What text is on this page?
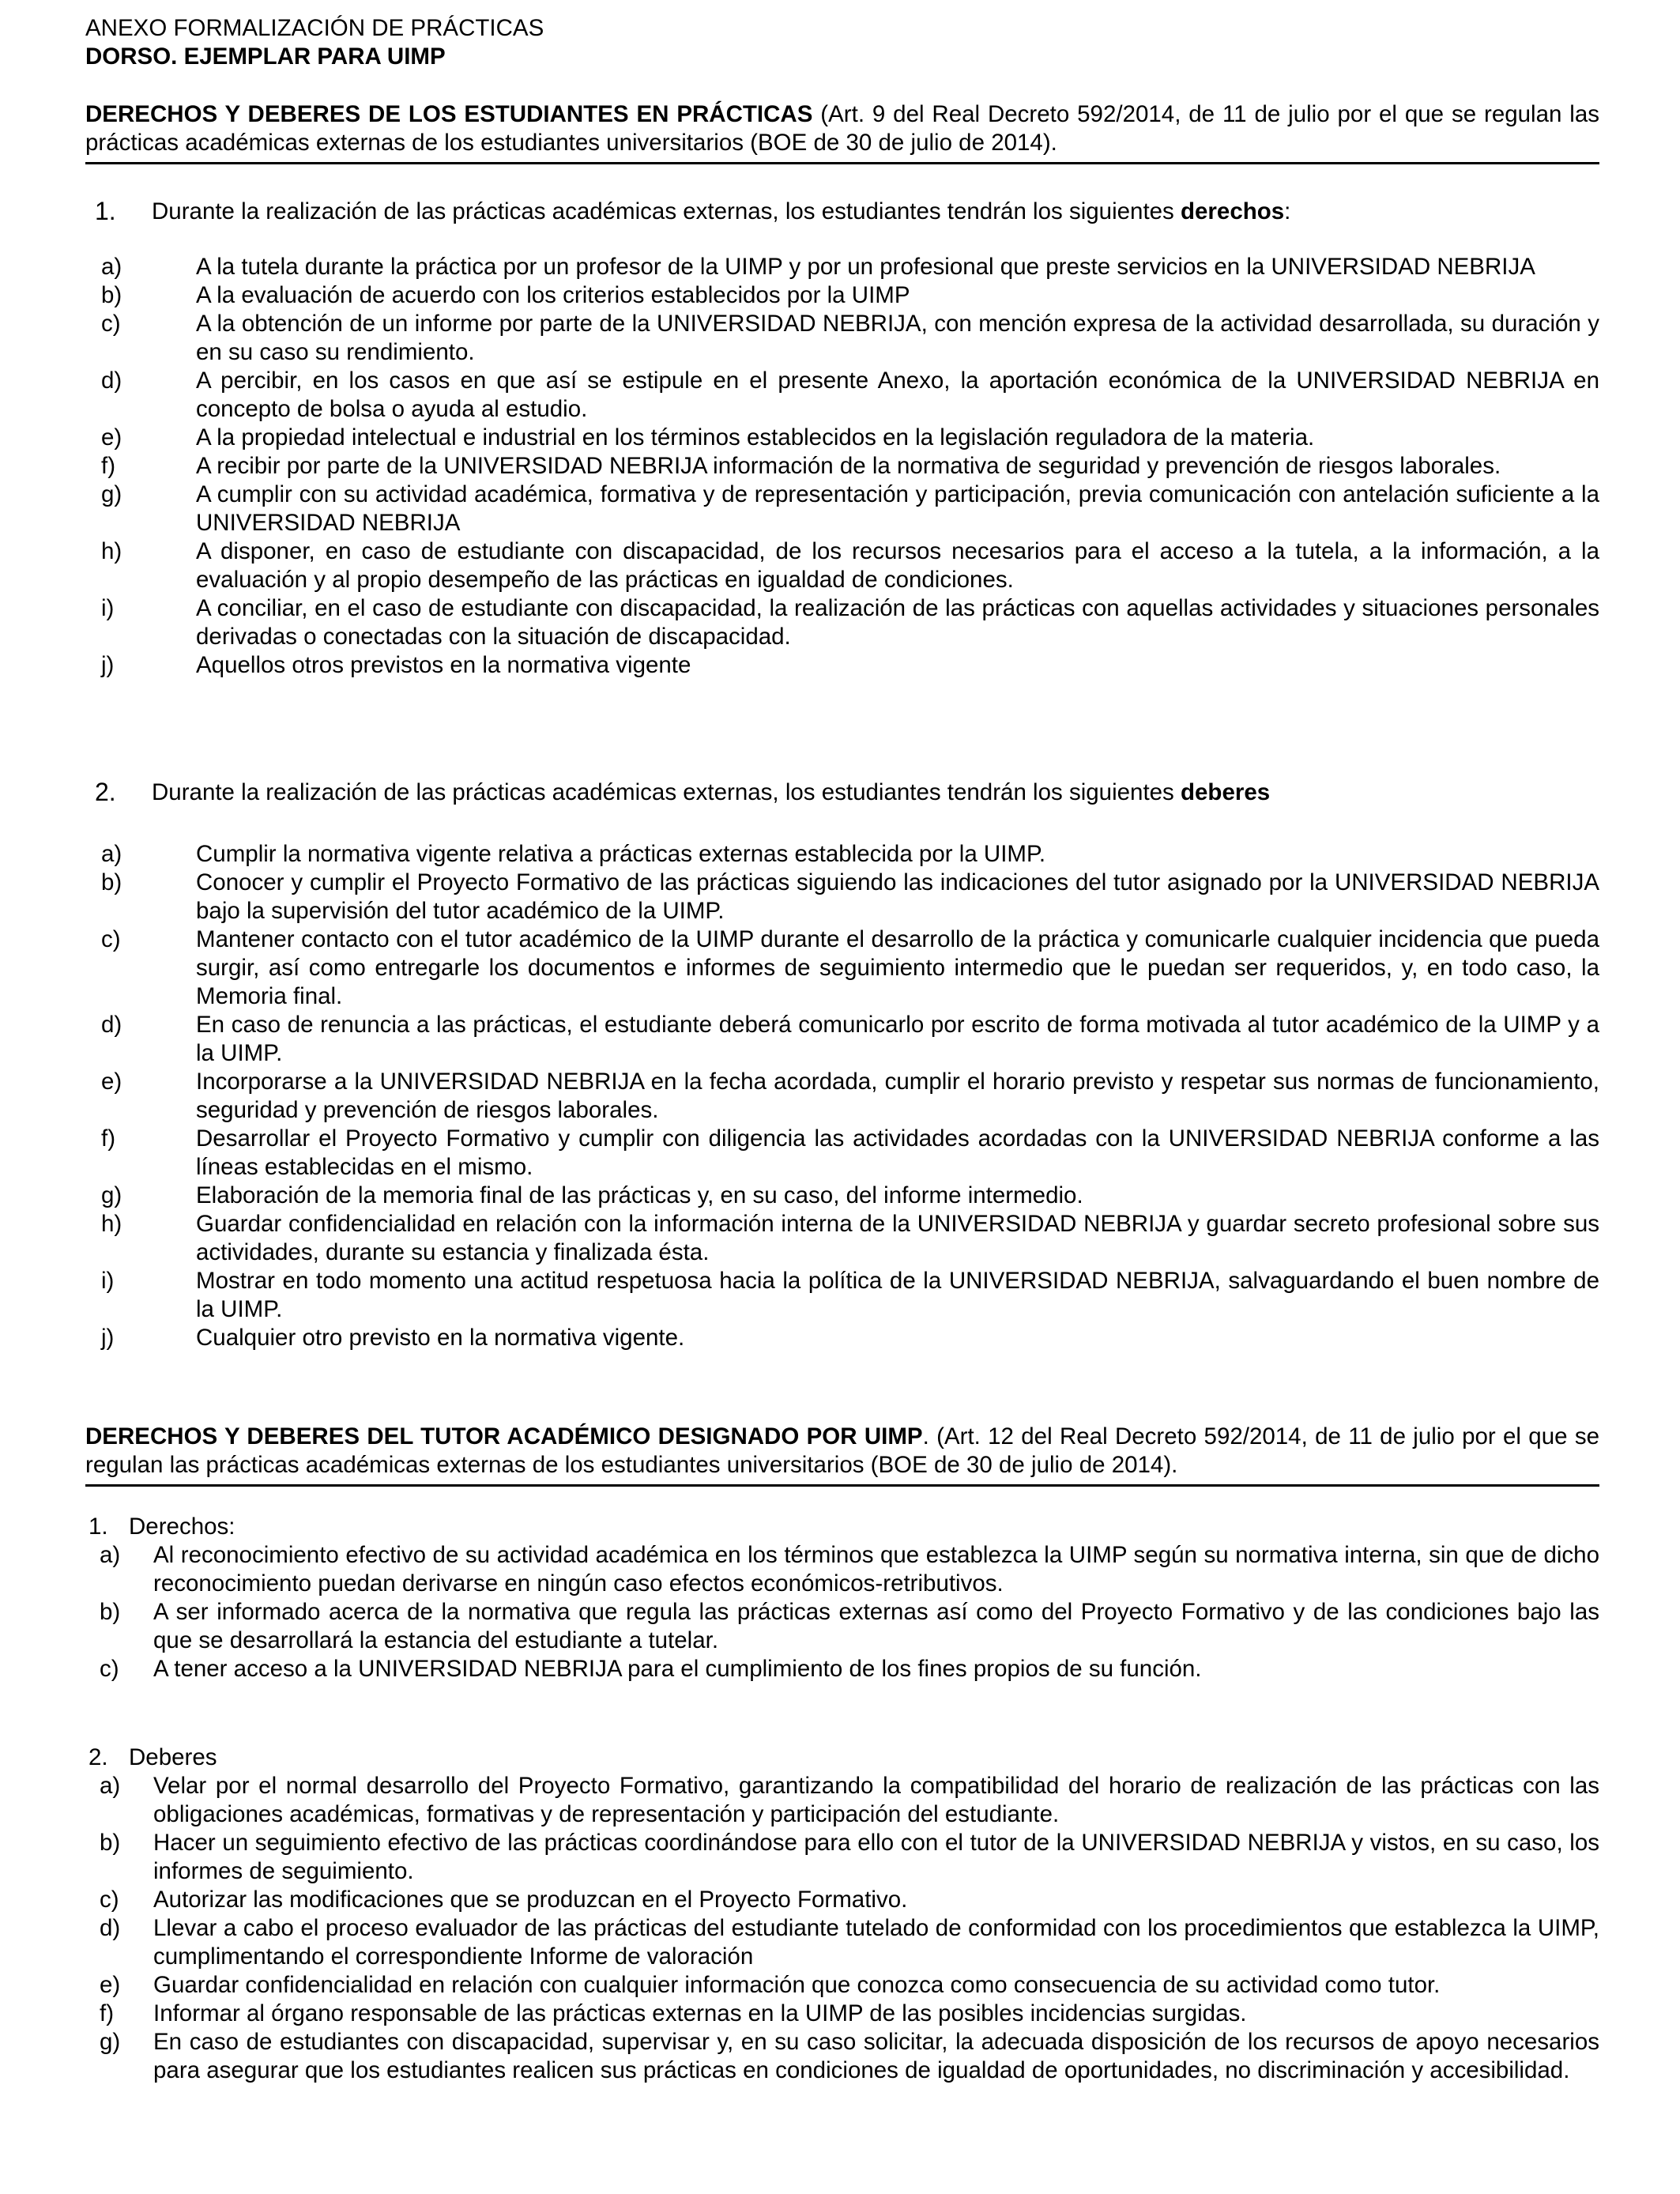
ANEXO FORMALIZACIÓN DE PRÁCTICAS
DORSO. EJEMPLAR PARA UIMP
DERECHOS Y DEBERES DE LOS ESTUDIANTES EN PRÁCTICAS (Art. 9 del Real Decreto 592/2014, de 11 de julio por el que se regulan las prácticas académicas externas de los estudiantes universitarios (BOE de 30 de julio de 2014).
1. Durante la realización de las prácticas académicas externas, los estudiantes tendrán los siguientes derechos:
a)	A la tutela durante la práctica por un profesor de la UIMP y por un profesional que preste servicios en la UNIVERSIDAD NEBRIJA
b)	A la evaluación de acuerdo con los criterios establecidos por la UIMP
c)	A la obtención de un informe por parte de la UNIVERSIDAD NEBRIJA, con mención expresa de la actividad desarrollada, su duración y en su caso su rendimiento.
d)	A percibir, en los casos en que así se estipule en el presente Anexo, la aportación económica de la UNIVERSIDAD NEBRIJA en concepto de bolsa o ayuda al estudio.
e)	A la propiedad intelectual e industrial en los términos establecidos en la legislación reguladora de la materia.
f)	A recibir por parte de la UNIVERSIDAD NEBRIJA información de la normativa de seguridad y prevención de riesgos laborales.
g)	A cumplir con su actividad académica, formativa y de representación y participación, previa comunicación con antelación suficiente a la UNIVERSIDAD NEBRIJA
h)	A disponer, en caso de estudiante con discapacidad, de los recursos necesarios para el acceso a la tutela, a la información, a la evaluación y al propio desempeño de las prácticas en igualdad de condiciones.
i)	A conciliar, en el caso de estudiante con discapacidad, la realización de las prácticas con aquellas actividades y situaciones personales derivadas o conectadas con la situación de discapacidad.
j)	Aquellos otros previstos en la normativa vigente
2. Durante la realización de las prácticas académicas externas, los estudiantes tendrán los siguientes deberes
a)	Cumplir la normativa vigente relativa a prácticas externas establecida por la UIMP.
b)	Conocer y cumplir el Proyecto Formativo de las prácticas siguiendo las indicaciones del tutor asignado por la UNIVERSIDAD NEBRIJA bajo la supervisión del tutor académico de la UIMP.
c)	Mantener contacto con el tutor académico de la UIMP durante el desarrollo de la práctica y comunicarle cualquier incidencia que pueda surgir, así como entregarle los documentos e informes de seguimiento intermedio que le puedan ser requeridos, y, en todo caso, la Memoria final.
d)	En caso de renuncia a las prácticas, el estudiante deberá comunicarlo por escrito de forma motivada al tutor académico de la UIMP y a la UIMP.
e)	Incorporarse a la UNIVERSIDAD NEBRIJA en la fecha acordada, cumplir el horario previsto y respetar sus normas de funcionamiento, seguridad y prevención de riesgos laborales.
f)	Desarrollar el Proyecto Formativo y cumplir con diligencia las actividades acordadas con la UNIVERSIDAD NEBRIJA conforme a las líneas establecidas en el mismo.
g)	Elaboración de la memoria final de las prácticas y, en su caso, del informe intermedio.
h)	Guardar confidencialidad en relación con la información interna de la UNIVERSIDAD NEBRIJA y guardar secreto profesional sobre sus actividades, durante su estancia y finalizada ésta.
i)	Mostrar en todo momento una actitud respetuosa hacia la política de la UNIVERSIDAD NEBRIJA, salvaguardando el buen nombre de la UIMP.
j)	Cualquier otro previsto en la normativa vigente.
DERECHOS Y DEBERES DEL TUTOR ACADÉMICO DESIGNADO POR UIMP. (Art. 12 del Real Decreto 592/2014, de 11 de julio por el que se regulan las prácticas académicas externas de los estudiantes universitarios (BOE de 30 de julio de 2014).
1. Derechos:
a) Al reconocimiento efectivo de su actividad académica en los términos que establezca la UIMP según su normativa interna, sin que de dicho reconocimiento puedan derivarse en ningún caso efectos económicos-retributivos.
b) A ser informado acerca de la normativa que regula las prácticas externas así como del Proyecto Formativo y de las condiciones bajo las que se desarrollará la estancia del estudiante a tutelar.
c) A tener acceso a la UNIVERSIDAD NEBRIJA para el cumplimiento de los fines propios de su función.
2. Deberes
a) Velar por el normal desarrollo del Proyecto Formativo, garantizando la compatibilidad del horario de realización de las prácticas con las obligaciones académicas, formativas y de representación y participación del estudiante.
b) Hacer un seguimiento efectivo de las prácticas coordinándose para ello con el tutor de la UNIVERSIDAD NEBRIJA y vistos, en su caso, los informes de seguimiento.
c) Autorizar las modificaciones que se produzcan en el Proyecto Formativo.
d) Llevar a cabo el proceso evaluador de las prácticas del estudiante tutelado de conformidad con los procedimientos que establezca la UIMP, cumplimentando el correspondiente Informe de valoración
e) Guardar confidencialidad en relación con cualquier información que conozca como consecuencia de su actividad como tutor.
f) Informar al órgano responsable de las prácticas externas en la UIMP de las posibles incidencias surgidas.
g) En caso de estudiantes con discapacidad, supervisar y, en su caso solicitar, la adecuada disposición de los recursos de apoyo necesarios para asegurar que los estudiantes realicen sus prácticas en condiciones de igualdad de oportunidades, no discriminación y accesibilidad.
